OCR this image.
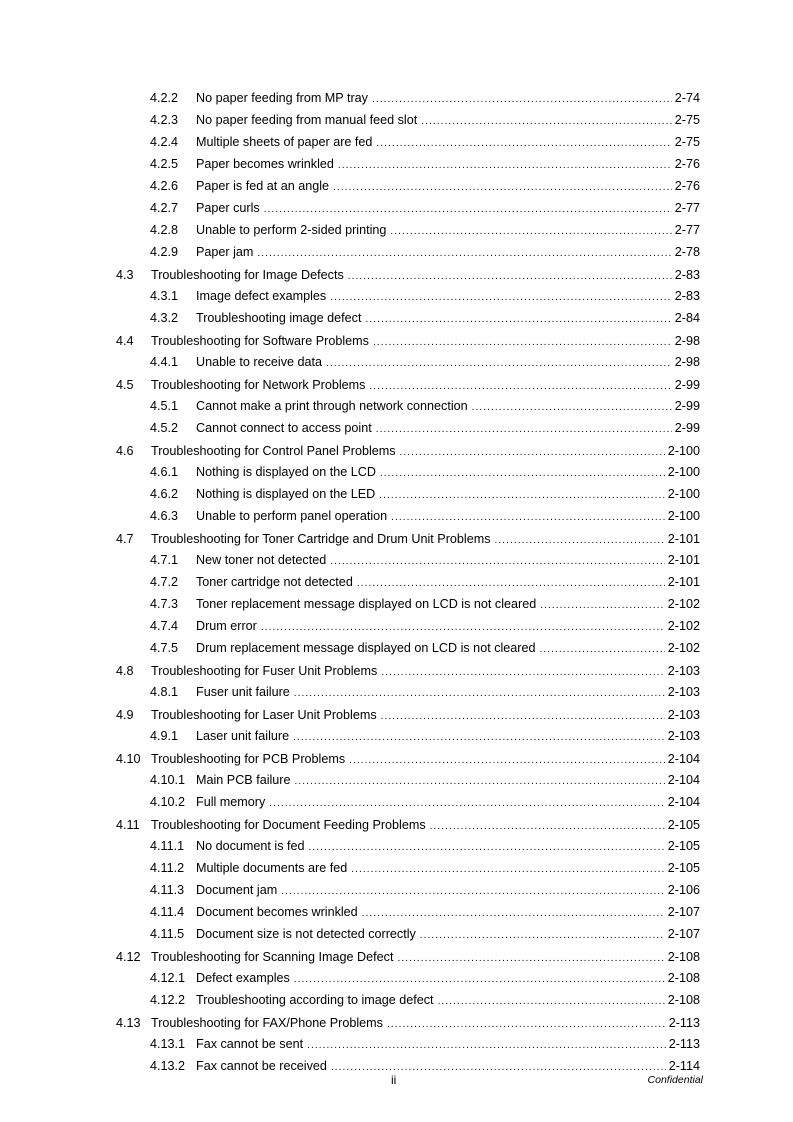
4.2.2	No paper feeding from MP tray .....	2-74
4.2.3	No paper feeding from manual feed slot .....	2-75
4.2.4	Multiple sheets of paper are fed .....	2-75
4.2.5	Paper becomes wrinkled .....	2-76
4.2.6	Paper is fed at an angle .....	2-76
4.2.7	Paper curls .....	2-77
4.2.8	Unable to perform 2-sided printing .....	2-77
4.2.9	Paper jam .....	2-78
4.3	Troubleshooting for Image Defects .....	2-83
4.3.1	Image defect examples .....	2-83
4.3.2	Troubleshooting image defect .....	2-84
4.4	Troubleshooting for Software Problems .....	2-98
4.4.1	Unable to receive data .....	2-98
4.5	Troubleshooting for Network Problems .....	2-99
4.5.1	Cannot make a print through network connection .....	2-99
4.5.2	Cannot connect to access point .....	2-99
4.6	Troubleshooting for Control Panel Problems .....	2-100
4.6.1	Nothing is displayed on the LCD .....	2-100
4.6.2	Nothing is displayed on the LED .....	2-100
4.6.3	Unable to perform panel operation .....	2-100
4.7	Troubleshooting for Toner Cartridge and Drum Unit Problems .....	2-101
4.7.1	New toner not detected .....	2-101
4.7.2	Toner cartridge not detected .....	2-101
4.7.3	Toner replacement message displayed on LCD is not cleared .....	2-102
4.7.4	Drum error .....	2-102
4.7.5	Drum replacement message displayed on LCD is not cleared .....	2-102
4.8	Troubleshooting for Fuser Unit Problems .....	2-103
4.8.1	Fuser unit failure .....	2-103
4.9	Troubleshooting for Laser Unit Problems .....	2-103
4.9.1	Laser unit failure .....	2-103
4.10 Troubleshooting for PCB Problems .....	2-104
4.10.1 Main PCB failure .....	2-104
4.10.2 Full memory .....	2-104
4.11 Troubleshooting for Document Feeding Problems .....	2-105
4.11.1 No document is fed .....	2-105
4.11.2 Multiple documents are fed .....	2-105
4.11.3 Document jam .....	2-106
4.11.4 Document becomes wrinkled .....	2-107
4.11.5 Document size is not detected correctly .....	2-107
4.12 Troubleshooting for Scanning Image Defect .....	2-108
4.12.1 Defect examples .....	2-108
4.12.2 Troubleshooting according to image defect .....	2-108
4.13 Troubleshooting for FAX/Phone Problems .....	2-113
4.13.1 Fax cannot be sent .....	2-113
4.13.2 Fax cannot be received .....	2-114
ii	Confidential
